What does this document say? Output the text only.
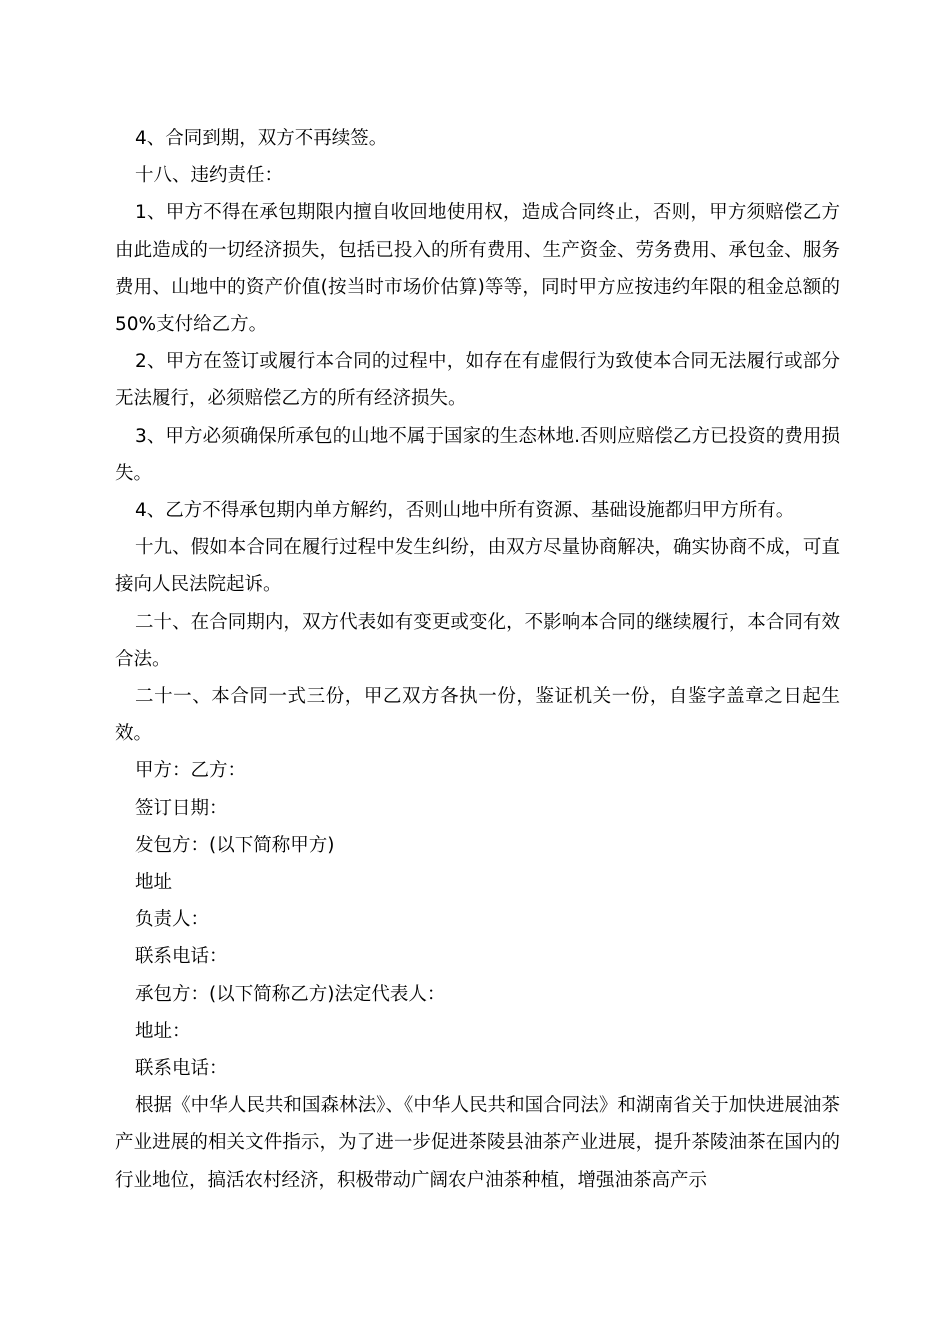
4、合同到期，双方不再续签。

十八、违约责任：

1、甲方不得在承包期限内擅自收回地使用权，造成合同终止，否则，甲方须赔偿乙方由此造成的一切经济损失，包括已投入的所有费用、生产资金、劳务费用、承包金、服务费用、山地中的资产价值(按当时市场价估算)等等，同时甲方应按违约年限的租金总额的50%支付给乙方。

2、甲方在签订或履行本合同的过程中，如存在有虚假行为致使本合同无法履行或部分无法履行，必须赔偿乙方的所有经济损失。

3、甲方必须确保所承包的山地不属于国家的生态林地.否则应赔偿乙方已投资的费用损失。

4、乙方不得承包期内单方解约，否则山地中所有资源、基础设施都归甲方所有。

十九、假如本合同在履行过程中发生纠纷，由双方尽量协商解决，确实协商不成，可直接向人民法院起诉。

二十、在合同期内，双方代表如有变更或变化，不影响本合同的继续履行，本合同有效合法。

二十一、本合同一式三份，甲乙双方各执一份，鉴证机关一份，自鉴字盖章之日起生效。

甲方：乙方：

签订日期：

发包方：(以下简称甲方)

地址

负责人：

联系电话：

承包方：(以下简称乙方)法定代表人：

地址：

联系电话：

根据《中华人民共和国森林法》、《中华人民共和国合同法》和湖南省关于加快进展油茶产业进展的相关文件指示，为了进一步促进茶陵县油茶产业进展，提升茶陵油茶在国内的行业地位，搞活农村经济，积极带动广阔农户油茶种植，增强油茶高产示
